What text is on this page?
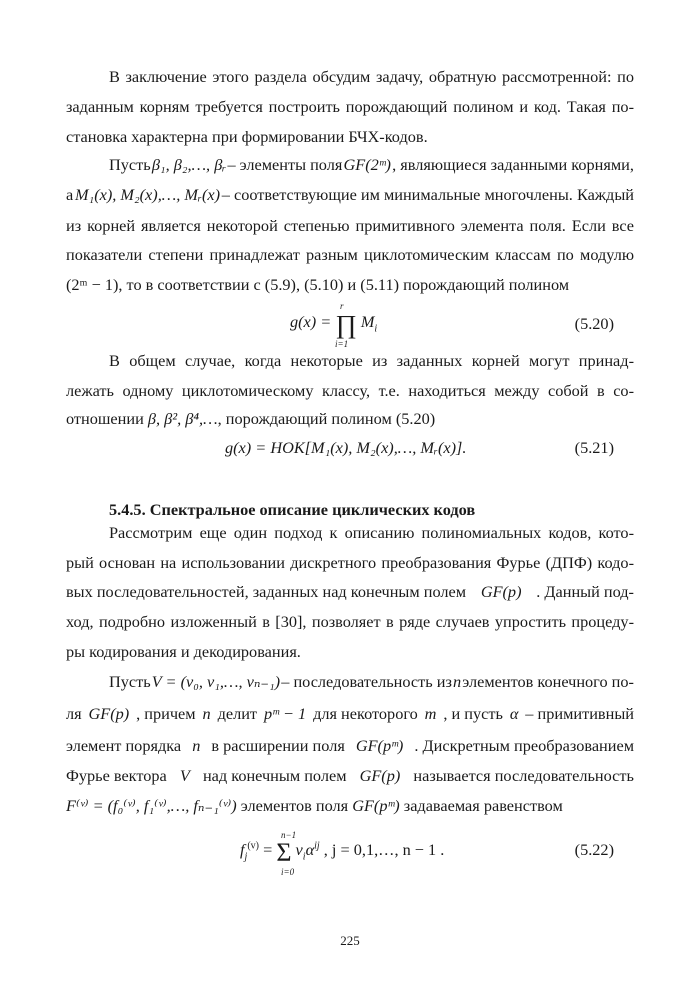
В заключение этого раздела обсудим задачу, обратную рассмотренной: по
заданным корням требуется построить порождающий полином и код. Такая по-
становка характерна при формировании БЧХ-кодов.
Пусть β₁, β₂,…, βᵣ – элементы поля GF(2ᵐ) , являющиеся заданными корнями,
а M₁(x), M₂(x),…, Mᵣ(x) – соответствующие им минимальные многочлены. Каждый
из корней является некоторой степенью примитивного элемента поля. Если все
показатели степени принадлежат разным циклотомическим классам по модулю
(2ᵐ − 1), то в соответствии с (5.9), (5.10) и (5.11) порождающий полином
g(x) = ∏ $M_i$
r
i=1
(5.20)
В общем случае, когда некоторые из заданных корней могут принад-
лежать одному циклотомическому классу, т.е. находиться между собой в со-
отношении β, β², β⁴,…, порождающий полином (5.20)
g(x) = НОК[M₁(x), M₂(x),…, Mᵣ(x)].	(5.21)
5.4.5. Спектральное описание циклических кодов
Рассмотрим еще один подход к описанию полиномиальных кодов, кото-
рый основан на использовании дискретного преобразования Фурье (ДПФ) кодо-
вых последовательностей, заданных над конечным полем GF(p) . Данный под-
ход, подробно изложенный в [30], позволяет в ряде случаев упростить процеду-
ры кодирования и декодирования.
Пусть V = (v₀, v₁,…, vₙ₋₁) – последовательность из n элементов конечного по-
ля GF(p) , причем n делит pᵐ − 1 для некоторого m , и пусть α – примитивный
элемент порядка n в расширении поля GF(pᵐ) . Дискретным преобразованием
Фурье вектора V над конечным полем GF(p) называется последовательность
F⁽ᵛ⁾ = (f₀⁽ᵛ⁾, f₁⁽ᵛ⁾,…, fₙ₋₁⁽ᵛ⁾) элементов поля GF(pᵐ) задаваемая равенством
$f_j^{(v)} = \Sigma$ $v_i\alpha^{ij}$ , j = 0,1,…, n − 1 .
n−1
i=0
(5.22)
225
